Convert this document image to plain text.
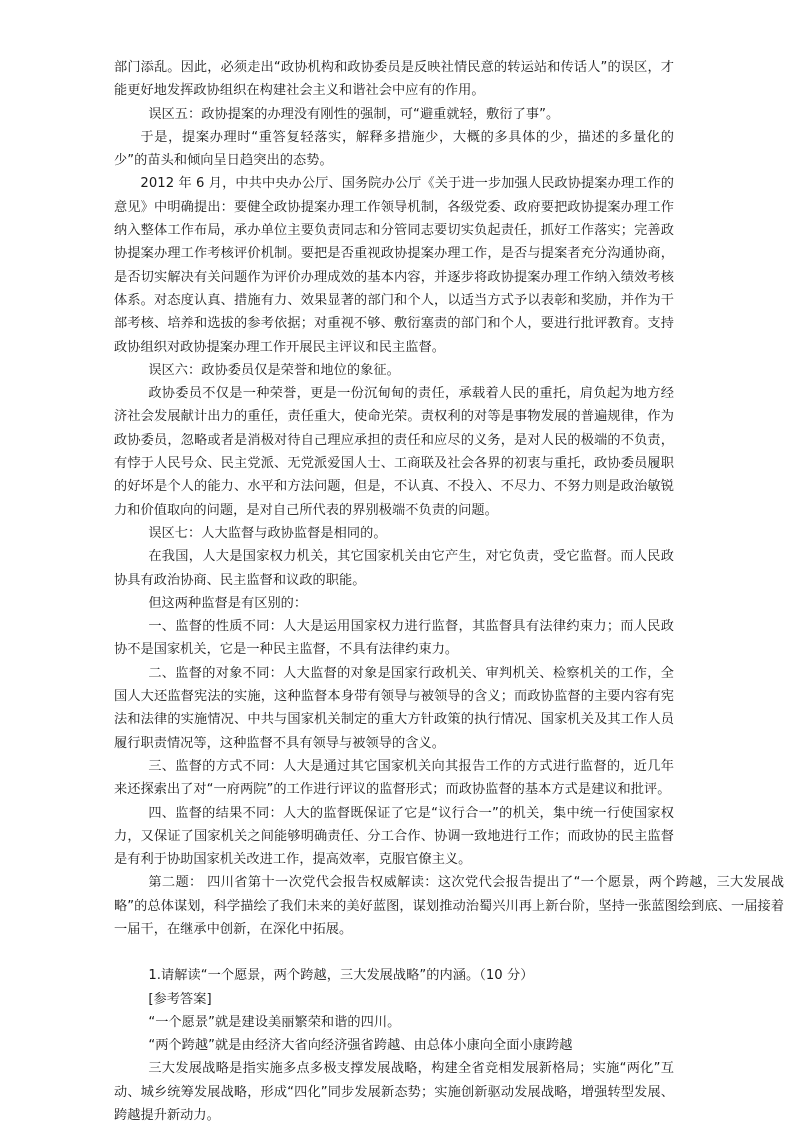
部门添乱。因此，必须走出“政协机构和政协委员是反映社情民意的转运站和传话人”的误区，才能更好地发挥政协组织在构建社会主义和谐社会中应有的作用。

误区五：政协提案的办理没有刚性的强制，可“避重就轻，敷衍了事”。

于是，提案办理时“重答复轻落实，解释多措施少，大概的多具体的少，描述的多量化的少”的苗头和倾向呈日趋突出的态势。

2012 年 6 月，中共中央办公厅、国务院办公厅《关于进一步加强人民政协提案办理工作的意见》中明确提出：要健全政协提案办理工作领导机制，各级党委、政府要把政协提案办理工作纳入整体工作布局，承办单位主要负责同志和分管同志要切实负起责任，抓好工作落实；完善政协提案办理工作考核评价机制。要把是否重视政协提案办理工作，是否与提案者充分沟通协商，是否切实解决有关问题作为评价办理成效的基本内容，并逐步将政协提案办理工作纳入绩效考核体系。对态度认真、措施有力、效果显著的部门和个人，以适当方式予以表彰和奖励，并作为干部考核、培养和选拔的参考依据；对重视不够、敷衍塞责的部门和个人，要进行批评教育。支持政协组织对政协提案办理工作开展民主评议和民主监督。

误区六：政协委员仅是荣誉和地位的象征。

政协委员不仅是一种荣誉，更是一份沉甸甸的责任，承载着人民的重托，肩负起为地方经济社会发展献计出力的重任，责任重大，使命光荣。责权利的对等是事物发展的普遍规律，作为政协委员，忽略或者是消极对待自己理应承担的责任和应尽的义务，是对人民的极端的不负责，有悖于人民号众、民主党派、无党派爱国人士、工商联及社会各界的初衷与重托，政协委员履职的好坏是个人的能力、水平和方法问题，但是，不认真、不投入、不尽力、不努力则是政治敏锐力和价值取向的问题，是对自己所代表的界别极端不负责的问题。

误区七：人大监督与政协监督是相同的。

在我国，人大是国家权力机关，其它国家机关由它产生，对它负责，受它监督。而人民政协具有政治协商、民主监督和议政的职能。

但这两种监督是有区别的：

一、监督的性质不同：人大是运用国家权力进行监督，其监督具有法律约束力；而人民政协不是国家机关，它是一种民主监督，不具有法律约束力。

二、监督的对象不同：人大监督的对象是国家行政机关、审判机关、检察机关的工作，全国人大还监督宪法的实施，这种监督本身带有领导与被领导的含义；而政协监督的主要内容有宪法和法律的实施情况、中共与国家机关制定的重大方针政策的执行情况、国家机关及其工作人员履行职责情况等，这种监督不具有领导与被领导的含义。

三、监督的方式不同：人大是通过其它国家机关向其报告工作的方式进行监督的，近几年来还探索出了对“一府两院”的工作进行评议的监督形式；而政协监督的基本方式是建议和批评。

四、监督的结果不同：人大的监督既保证了它是“议行合一”的机关，集中统一行使国家权力，又保证了国家机关之间能够明确责任、分工合作、协调一致地进行工作；而政协的民主监督是有利于协助国家机关改进工作，提高效率，克服官僚主义。

第二题： 四川省第十一次党代会报告权威解读：这次党代会报告提出了“一个愿景，两个跨越，三大发展战略”的总体谋划，科学描绘了我们未来的美好蓝图，谋划推动治蜀兴川再上新台阶，坚持一张蓝图绘到底、一届接着一届干，在继承中创新，在深化中拓展。

1.请解读“一个愿景，两个跨越，三大发展战略”的内涵。（10 分）

[参考答案]

“一个愿景”就是建设美丽繁荣和谐的四川。

“两个跨越”就是由经济大省向经济强省跨越、由总体小康向全面小康跨越

三大发展战略是指实施多点多极支撑发展战略，构建全省竞相发展新格局；实施“两化”互动、城乡统筹发展战略，形成“四化”同步发展新态势；实施创新驱动发展战略，增强转型发展、跨越提升新动力。
